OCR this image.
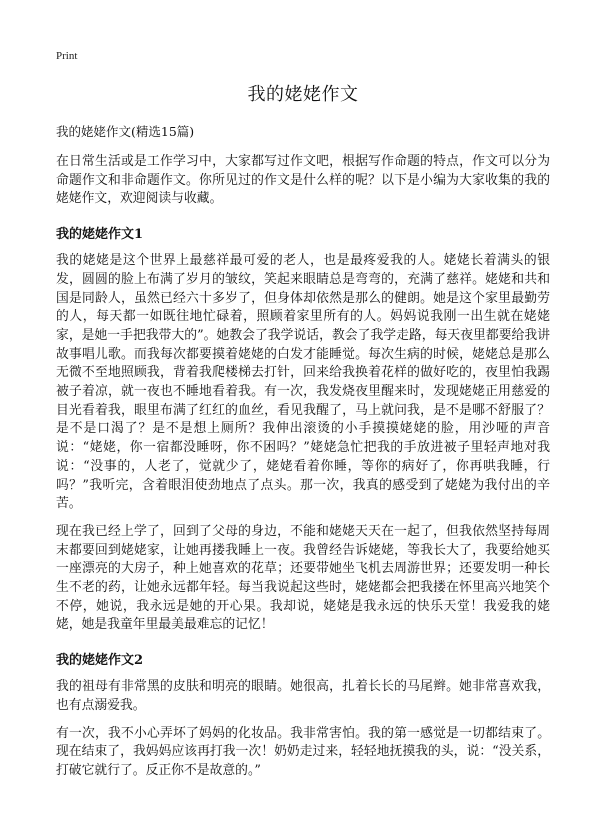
Print
我的姥姥作文
我的姥姥作文(精选15篇)

在日常生活或是工作学习中，大家都写过作文吧，根据写作命题的特点，作文可以分为命题作文和非命题作文。你所见过的作文是什么样的呢？以下是小编为大家收集的我的姥姥作文，欢迎阅读与收藏。

我的姥姥作文1

我的姥姥是这个世界上最慈祥最可爱的老人，也是最疼爱我的人。姥姥长着满头的银发，圆圆的脸上布满了岁月的皱纹，笑起来眼睛总是弯弯的，充满了慈祥。姥姥和共和国是同龄人，虽然已经六十多岁了，但身体却依然是那么的健朗。她是这个家里最勤劳的人，每天都一如既往地忙碌着，照顾着家里所有的人。妈妈说我刚一出生就在姥姥家，是她一手把我带大的”。她教会了我学说话，教会了我学走路，每天夜里都要给我讲故事唱儿歌。而我每次都要摸着姥姥的白发才能睡觉。每次生病的时候，姥姥总是那么无微不至地照顾我，背着我爬楼梯去打针，回来给我换着花样的做好吃的，夜里怕我踢被子着凉，就一夜也不睡地看着我。有一次，我发烧夜里醒来时，发现姥姥正用慈爱的目光看着我，眼里布满了红红的血丝，看见我醒了，马上就问我，是不是哪不舒服了？是不是口渴了？是不是想上厕所？我伸出滚烫的小手摸摸姥姥的脸，用沙哑的声音说：“姥姥，你一宿都没睡呀，你不困吗？”姥姥急忙把我的手放进被子里轻声地对我说：“没事的，人老了，觉就少了，姥姥看着你睡，等你的病好了，你再哄我睡，行吗？”我听完，含着眼泪使劲地点了点头。那一次，我真的感受到了姥姥为我付出的辛苦。

现在我已经上学了，回到了父母的身边，不能和姥姥天天在一起了，但我依然坚持每周末都要回到姥姥家，让她再搂我睡上一夜。我曾经告诉姥姥，等我长大了，我要给她买一座漂亮的大房子，种上她喜欢的花草；还要带她坐飞机去周游世界；还要发明一种长生不老的药，让她永远都年轻。每当我说起这些时，姥姥都会把我搂在怀里高兴地笑个不停，她说，我永远是她的开心果。我却说，姥姥是我永远的快乐天堂！我爱我的姥姥，她是我童年里最美最难忘的记忆！

我的姥姥作文2

我的祖母有非常黑的皮肤和明亮的眼睛。她很高，扎着长长的马尾辫。她非常喜欢我，也有点溺爱我。

有一次，我不小心弄坏了妈妈的化妆品。我非常害怕。我的第一感觉是一切都结束了。现在结束了，我妈妈应该再打我一次！奶奶走过来，轻轻地抚摸我的头，说：“没关系，打破它就行了。反正你不是故意的。”
